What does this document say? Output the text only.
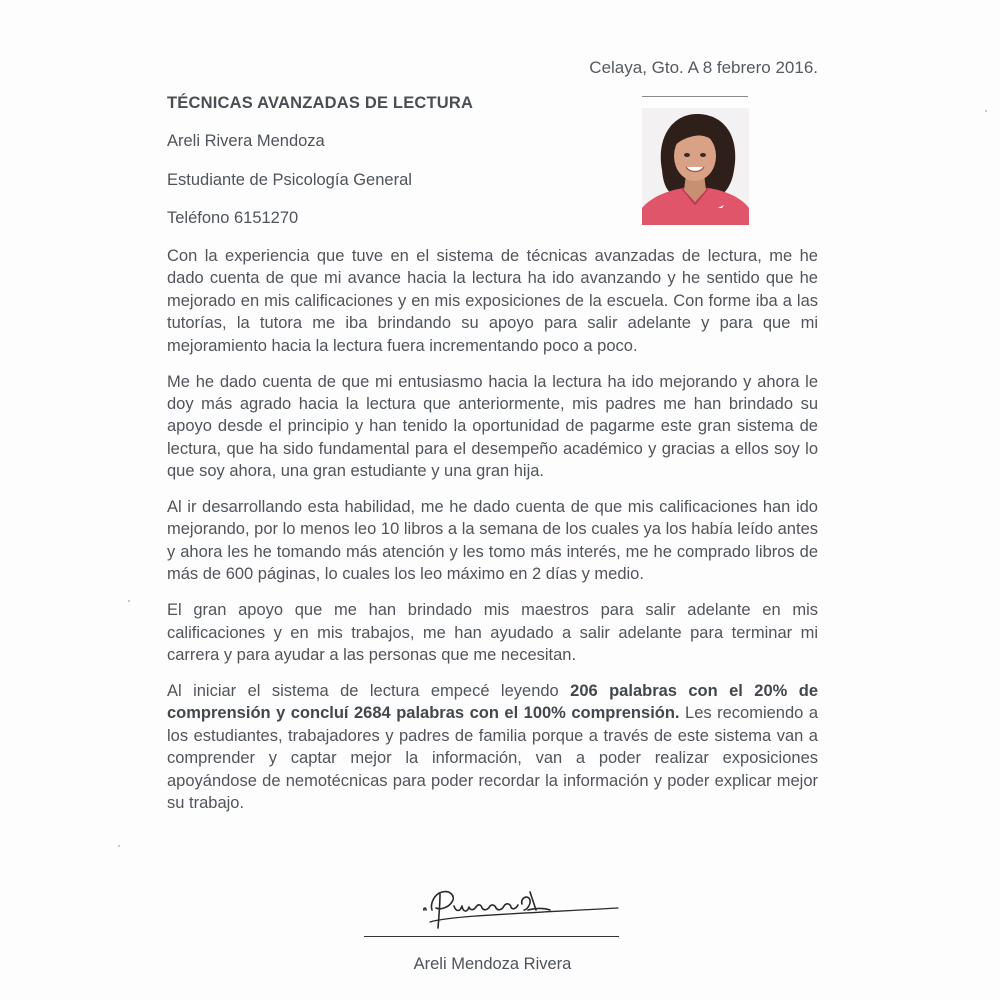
Celaya, Gto. A 8 febrero 2016.
TÉCNICAS AVANZADAS DE LECTURA
Areli Rivera Mendoza
Estudiante de Psicología General
Teléfono 6151270

Con la experiencia que tuve en el sistema de técnicas avanzadas de lectura, me he dado cuenta de que mi avance hacia la lectura ha ido avanzando y he sentido que he mejorado en mis calificaciones y en mis exposiciones de la escuela. Con forme iba a las tutorías, la tutora me iba brindando su apoyo para salir adelante y para que mi mejoramiento hacia la lectura fuera incrementando poco a poco.

Me he dado cuenta de que mi entusiasmo hacia la lectura ha ido mejorando y ahora le doy más agrado hacia la lectura que anteriormente, mis padres me han brindado su apoyo desde el principio y han tenido la oportunidad de pagarme este gran sistema de lectura, que ha sido fundamental para el desempeño académico y gracias a ellos soy lo que soy ahora, una gran estudiante y una gran hija.

Al ir desarrollando esta habilidad, me he dado cuenta de que mis calificaciones han ido mejorando, por lo menos leo 10 libros a la semana de los cuales ya los había leído antes y ahora les he tomando más atención y les tomo más interés, me he comprado libros de más de 600 páginas, lo cuales los leo máximo en 2 días y medio.

El gran apoyo que me han brindado mis maestros para salir adelante en mis calificaciones y en mis trabajos, me han ayudado a salir adelante para terminar mi carrera y para ayudar a las personas que me necesitan.

Al iniciar el sistema de lectura empecé leyendo 206 palabras con el 20% de comprensión y concluí 2684 palabras con el 100% comprensión. Les recomiendo a los estudiantes, trabajadores y padres de familia porque a través de este sistema van a comprender y captar mejor la información, van a poder realizar exposiciones apoyándose de nemotécnicas para poder recordar la información y poder explicar mejor su trabajo.

Areli Mendoza Rivera
